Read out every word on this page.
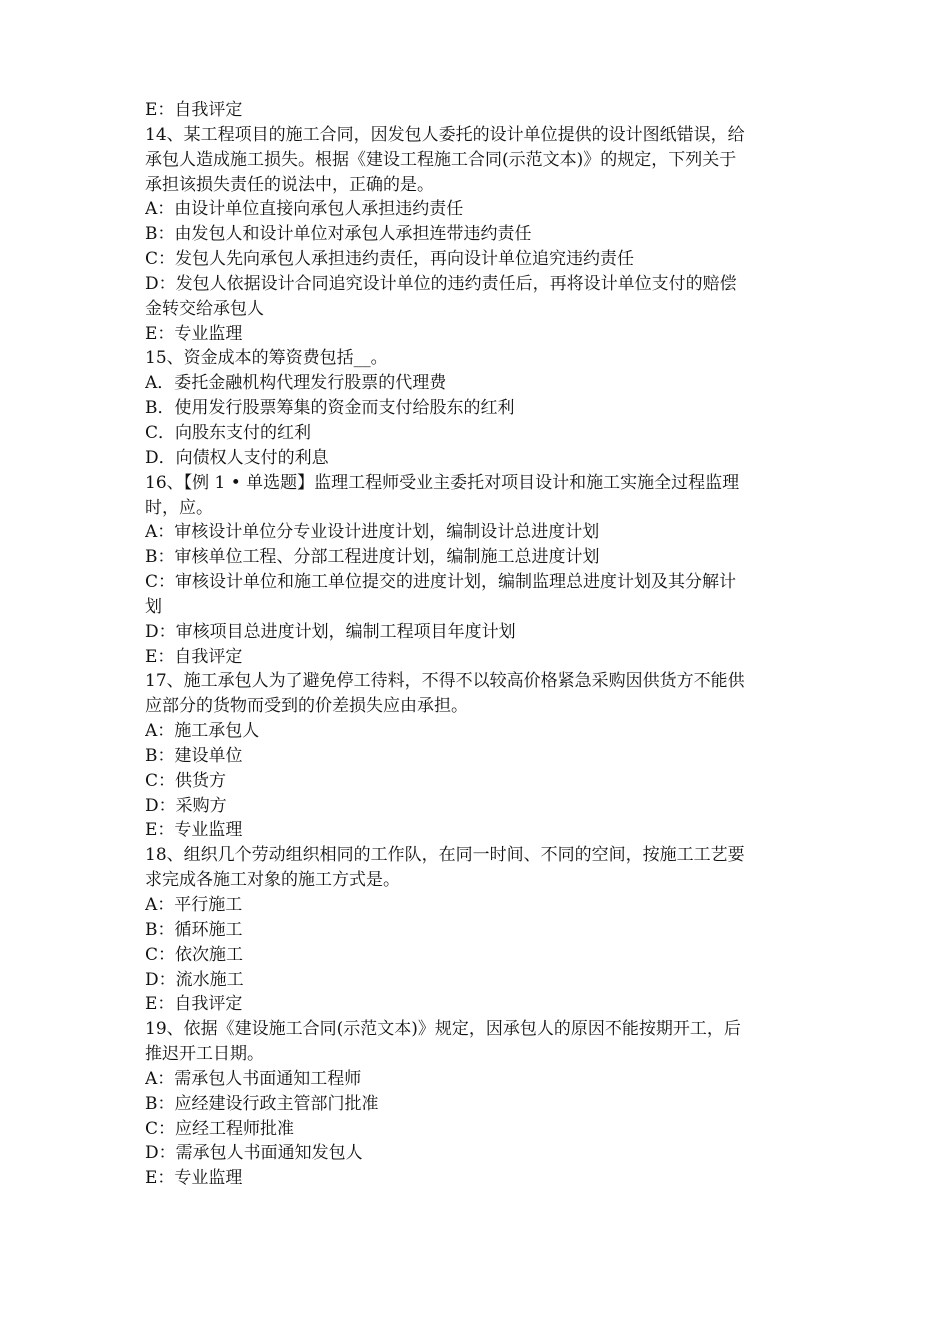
E：自我评定
14、某工程项目的施工合同，因发包人委托的设计单位提供的设计图纸错误，给
承包人造成施工损失。根据《建设工程施工合同(示范文本)》的规定，下列关于
承担该损失责任的说法中，正确的是。
A：由设计单位直接向承包人承担违约责任
B：由发包人和设计单位对承包人承担连带违约责任
C：发包人先向承包人承担违约责任，再向设计单位追究违约责任
D：发包人依据设计合同追究设计单位的违约责任后，再将设计单位支付的赔偿
金转交给承包人
E：专业监理
15、资金成本的筹资费包括__。
A．委托金融机构代理发行股票的代理费
B．使用发行股票筹集的资金而支付给股东的红利
C．向股东支付的红利
D．向债权人支付的利息
16、【例 1 • 单选题】监理工程师受业主委托对项目设计和施工实施全过程监理
时，应。
A：审核设计单位分专业设计进度计划，编制设计总进度计划
B：审核单位工程、分部工程进度计划，编制施工总进度计划
C：审核设计单位和施工单位提交的进度计划，编制监理总进度计划及其分解计
划
D：审核项目总进度计划，编制工程项目年度计划
E：自我评定
17、施工承包人为了避免停工待料，不得不以较高价格紧急采购因供货方不能供
应部分的货物而受到的价差损失应由承担。
A：施工承包人
B：建设单位
C：供货方
D：采购方
E：专业监理
18、组织几个劳动组织相同的工作队，在同一时间、不同的空间，按施工工艺要
求完成各施工对象的施工方式是。
A：平行施工
B：循环施工
C：依次施工
D：流水施工
E：自我评定
19、依据《建设施工合同(示范文本)》规定，因承包人的原因不能按期开工，后
推迟开工日期。
A：需承包人书面通知工程师
B：应经建设行政主管部门批准
C：应经工程师批准
D：需承包人书面通知发包人
E：专业监理
